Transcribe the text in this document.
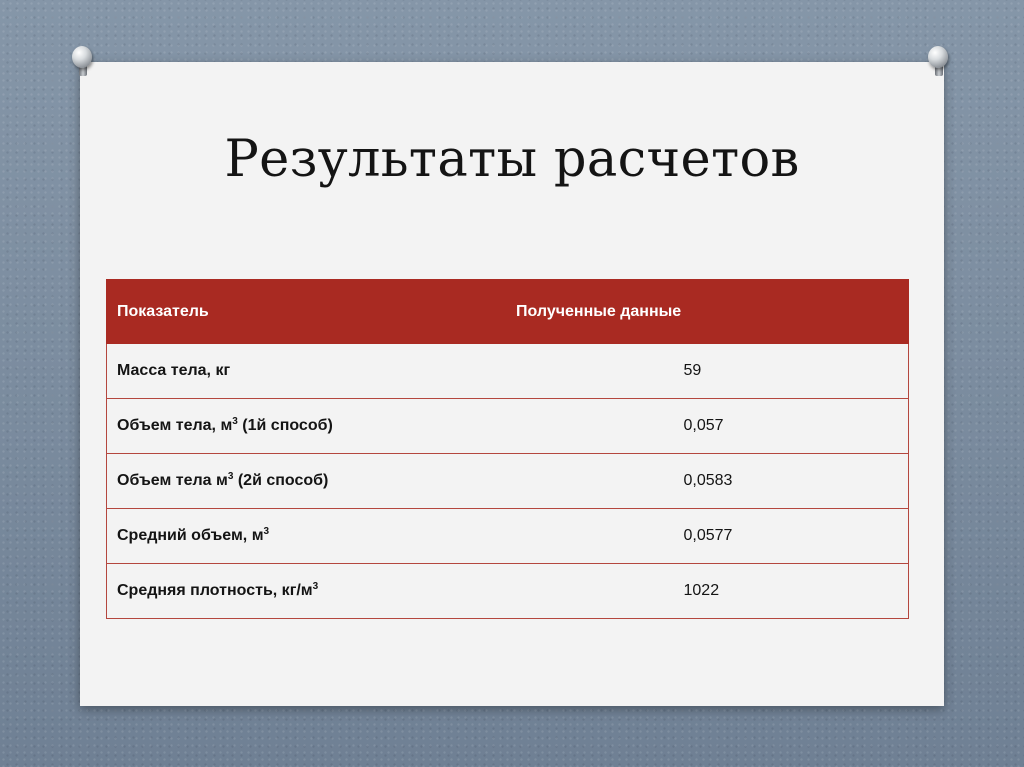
Результаты расчетов
Показатель	Полученные данные
Масса тела, кг	59
Объем тела, $м^3$ (1й способ)	0,057
Объем тела $м^3$ (2й способ)	0,0583
Средний объем, $м^3$	0,0577
Средняя плотность, $кг/м^3$	1022
